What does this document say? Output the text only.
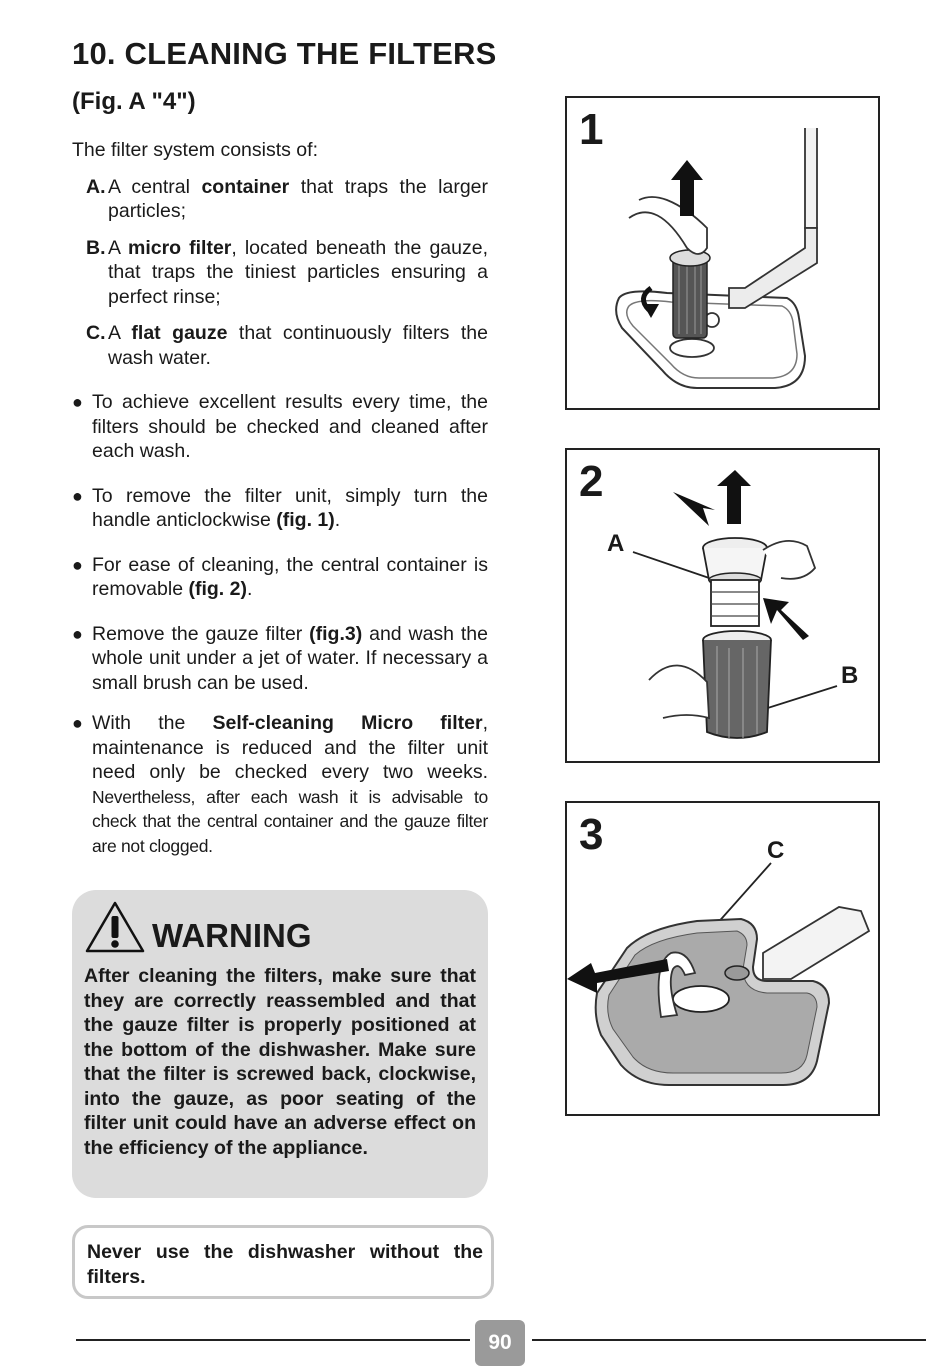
10. CLEANING THE FILTERS
(Fig. A "4")

The filter system consists of:

A. A central container that traps the larger particles;
B. A micro filter, located beneath the gauze, that traps the tiniest particles ensuring a perfect rinse;
C. A flat gauze that continuously filters the wash water.
● To achieve excellent results every time, the filters should be checked and cleaned after each wash.
● To remove the filter unit, simply turn the handle anticlockwise (fig. 1).
● For ease of cleaning, the central container is removable (fig. 2).
● Remove the gauze filter (fig.3) and wash the whole unit under a jet of water. If necessary a small brush can be used.
● With the Self-cleaning Micro filter, maintenance is reduced and the filter unit need only be checked every two weeks. Nevertheless, after each wash it is advisable to check that the central container and the gauze filter are not clogged.
WARNING
After cleaning the filters, make sure that they are correctly reassembled and that the gauze filter is properly positioned at the bottom of the dishwasher. Make sure that the filter is screwed back, clockwise, into the gauze, as poor seating of the filter unit could have an adverse effect on the efficiency of the appliance.
Never use the dishwasher without the filters.
1
2
A
B
3	C
90
